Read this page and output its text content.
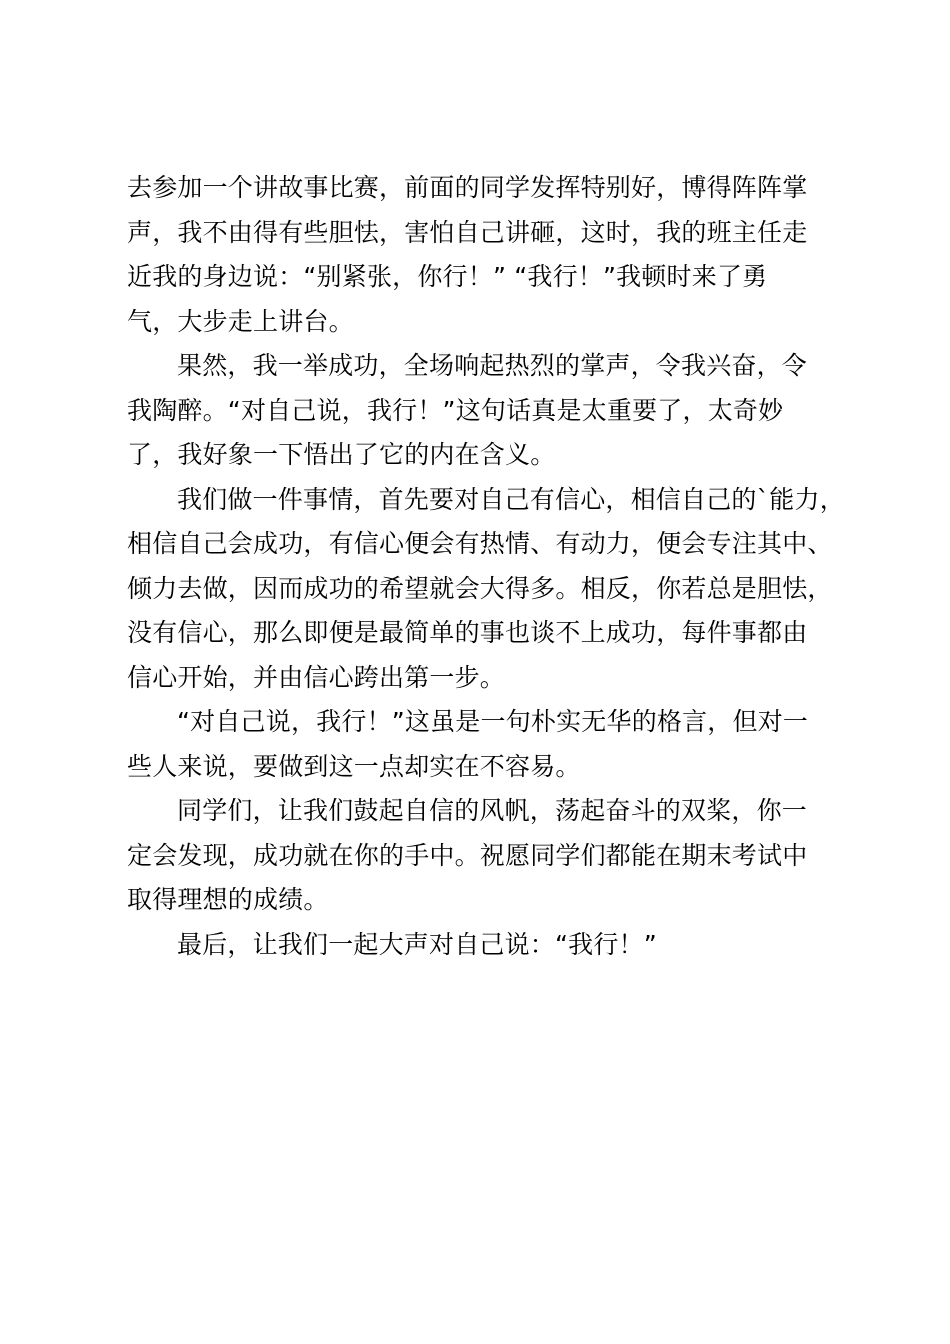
去参加一个讲故事比赛，前面的同学发挥特别好，博得阵阵掌
声，我不由得有些胆怯，害怕自己讲砸，这时，我的班主任走
近我的身边说：“别紧张，你行！” “我行！”我顿时来了勇
气，大步走上讲台。
果然，我一举成功，全场响起热烈的掌声，令我兴奋，令
我陶醉。“对自己说，我行！”这句话真是太重要了，太奇妙
了，我好象一下悟出了它的内在含义。
我们做一件事情，首先要对自己有信心，相信自己的`能力，
相信自己会成功，有信心便会有热情、有动力，便会专注其中、
倾力去做，因而成功的希望就会大得多。相反，你若总是胆怯，
没有信心，那么即便是最简单的事也谈不上成功，每件事都由
信心开始，并由信心跨出第一步。
“对自己说，我行！”这虽是一句朴实无华的格言，但对一
些人来说，要做到这一点却实在不容易。
同学们，让我们鼓起自信的风帆，荡起奋斗的双桨，你一
定会发现，成功就在你的手中。祝愿同学们都能在期末考试中
取得理想的成绩。
最后，让我们一起大声对自己说：“我行！”
